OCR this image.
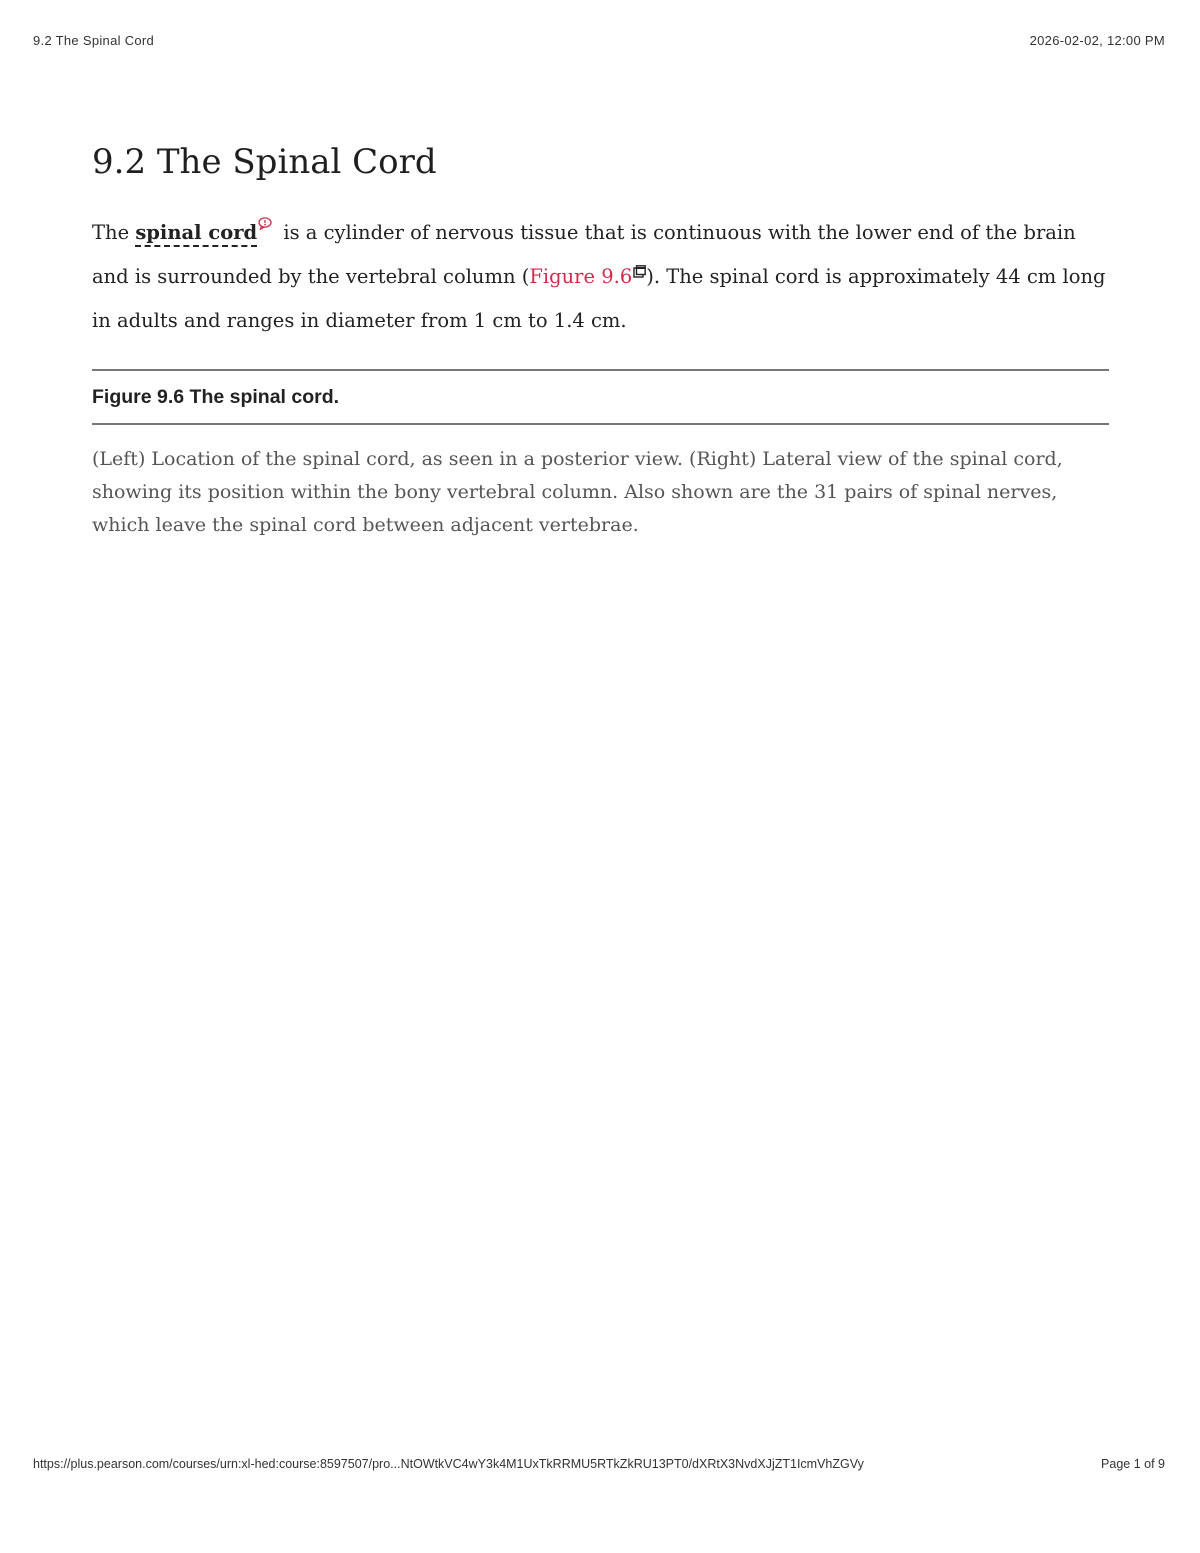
9.2 The Spinal Cord	2026-02-02, 12:00 PM
9.2 The Spinal Cord

The spinal cord is a cylinder of nervous tissue that is continuous with the lower end of the brain and is surrounded by the vertebral column (Figure 9.6 ). The spinal cord is approximately 44 cm long in adults and ranges in diameter from 1 cm to 1.4 cm.

Figure 9.6 The spinal cord.

(Left) Location of the spinal cord, as seen in a posterior view. (Right) Lateral view of the spinal cord, showing its position within the bony vertebral column. Also shown are the 31 pairs of spinal nerves, which leave the spinal cord between adjacent vertebrae.

https://plus.pearson.com/courses/urn:xl-hed:course:8597507/pro...NtOWtkVC4wY3k4M1UxTkRRMU5RTkZkRU13PT0/dXRtX3NvdXJjZT1IcmVhZGVy	Page 1 of 9
